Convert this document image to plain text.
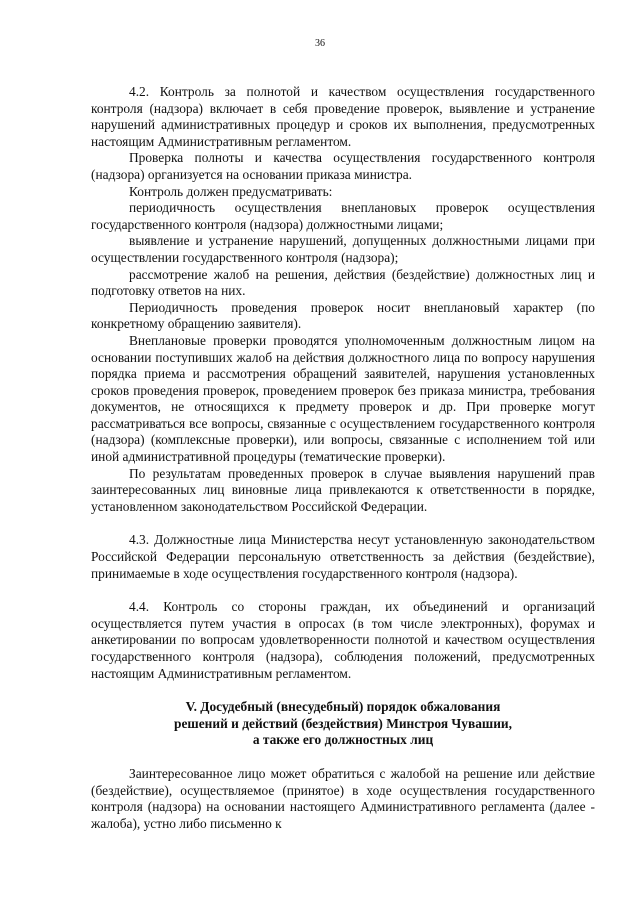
36

4.2. Контроль за полнотой и качеством осуществления государственного контроля (надзора) включает в себя проведение проверок, выявление и устранение нарушений административных процедур и сроков их выполнения, предусмотренных настоящим Административным регламентом.

Проверка полноты и качества осуществления государственного контроля (надзора) организуется на основании приказа министра.

Контроль должен предусматривать:

периодичность осуществления внеплановых проверок осуществления государственного контроля (надзора) должностными лицами;

выявление и устранение нарушений, допущенных должностными лицами при осуществлении государственного контроля (надзора);

рассмотрение жалоб на решения, действия (бездействие) должностных лиц и подготовку ответов на них.

Периодичность проведения проверок носит внеплановый характер (по конкретному обращению заявителя).

Внеплановые проверки проводятся уполномоченным должностным лицом на основании поступивших жалоб на действия должностного лица по вопросу нарушения порядка приема и рассмотрения обращений заявителей, нарушения установленных сроков проведения проверок, проведением проверок без приказа министра, требования документов, не относящихся к предмету проверок и др. При проверке могут рассматриваться все вопросы, связанные с осуществлением государственного контроля (надзора) (комплексные проверки), или вопросы, связанные с исполнением той или иной административной процедуры (тематические проверки).

По результатам проведенных проверок в случае выявления нарушений прав заинтересованных лиц виновные лица привлекаются к ответственности в порядке, установленном законодательством Российской Федерации.

4.3. Должностные лица Министерства несут установленную законодательством Российской Федерации персональную ответственность за действия (бездействие), принимаемые в ходе осуществления государственного контроля (надзора).

4.4. Контроль со стороны граждан, их объединений и организаций осуществляется путем участия в опросах (в том числе электронных), форумах и анкетировании по вопросам удовлетворенности полнотой и качеством осуществления государственного контроля (надзора), соблюдения положений, предусмотренных настоящим Административным регламентом.

V. Досудебный (внесудебный) порядок обжалования
решений и действий (бездействия) Минстроя Чувашии,
а также его должностных лиц

Заинтересованное лицо может обратиться с жалобой на решение или действие (бездействие), осуществляемое (принятое) в ходе осуществления государственного контроля (надзора) на основании настоящего Административного регламента (далее - жалоба), устно либо письменно к
